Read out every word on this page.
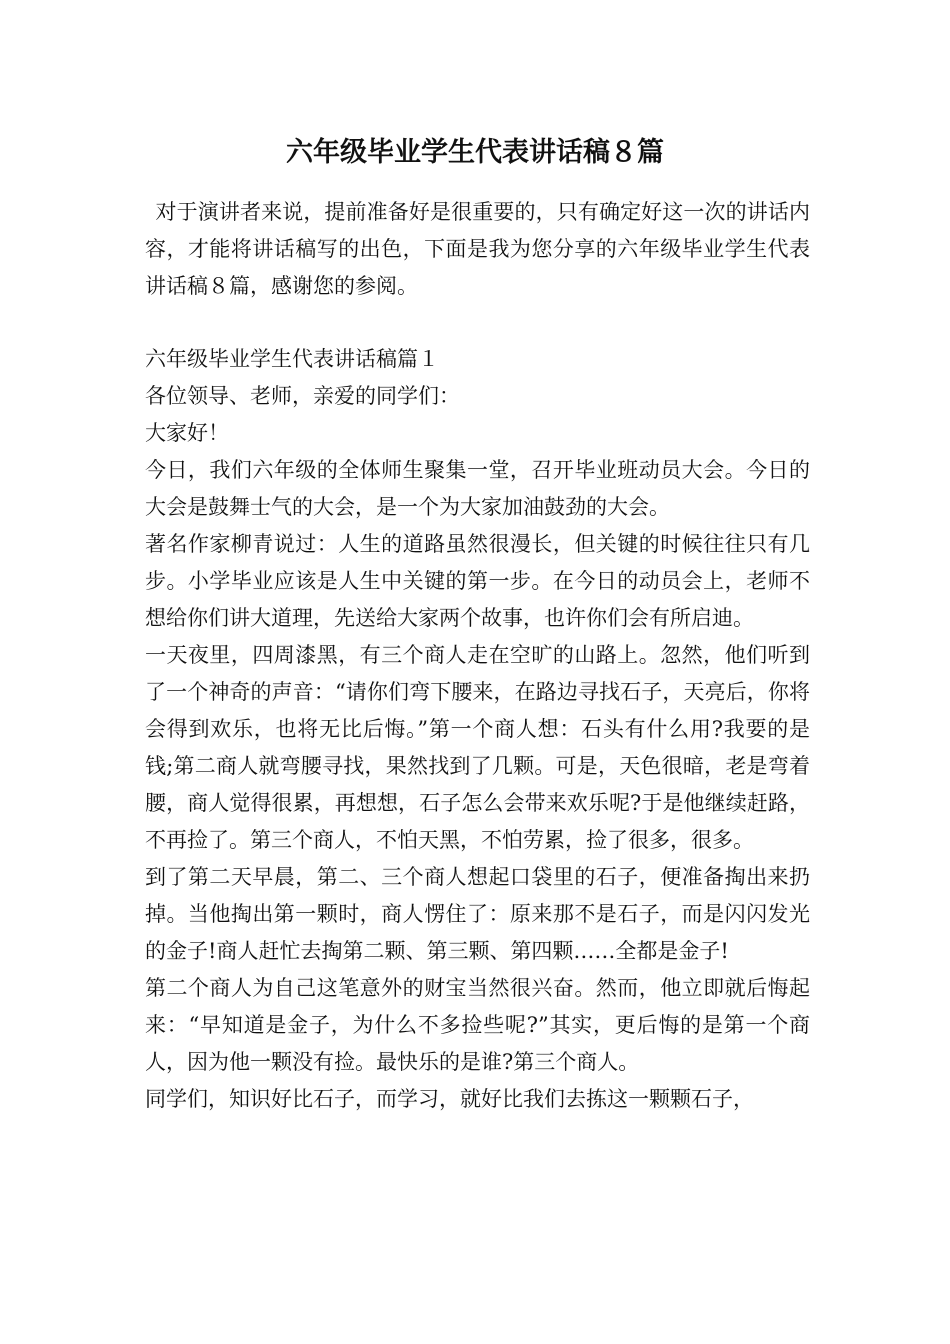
六年级毕业学生代表讲话稿８篇

对于演讲者来说，提前准备好是很重要的，只有确定好这一次的讲话内容，才能将讲话稿写的出色，下面是我为您分享的六年级毕业学生代表讲话稿８篇，感谢您的参阅。

六年级毕业学生代表讲话稿篇１

各位领导、老师，亲爱的同学们：

大家好！

今日，我们六年级的全体师生聚集一堂，召开毕业班动员大会。今日的大会是鼓舞士气的大会，是一个为大家加油鼓劲的大会。

著名作家柳青说过：人生的道路虽然很漫长，但关键的时候往往只有几步。小学毕业应该是人生中关键的第一步。在今日的动员会上，老师不想给你们讲大道理，先送给大家两个故事，也许你们会有所启迪。

一天夜里，四周漆黑，有三个商人走在空旷的山路上。忽然，他们听到了一个神奇的声音：“请你们弯下腰来，在路边寻找石子，天亮后，你将会得到欢乐，也将无比后悔。”第一个商人想：石头有什么用?我要的是钱;第二商人就弯腰寻找，果然找到了几颗。可是，天色很暗，老是弯着腰，商人觉得很累，再想想，石子怎么会带来欢乐呢?于是他继续赶路，不再捡了。第三个商人，不怕天黑，不怕劳累，捡了很多，很多。

到了第二天早晨，第二、三个商人想起口袋里的石子，便准备掏出来扔掉。当他掏出第一颗时，商人愣住了：原来那不是石子，而是闪闪发光的金子!商人赶忙去掏第二颗、第三颗、第四颗……全都是金子!

第二个商人为自己这笔意外的财宝当然很兴奋。然而，他立即就后悔起来：“早知道是金子，为什么不多捡些呢?”其实，更后悔的是第一个商人，因为他一颗没有捡。最快乐的是谁?第三个商人。

同学们，知识好比石子，而学习，就好比我们去拣这一颗颗石子，
